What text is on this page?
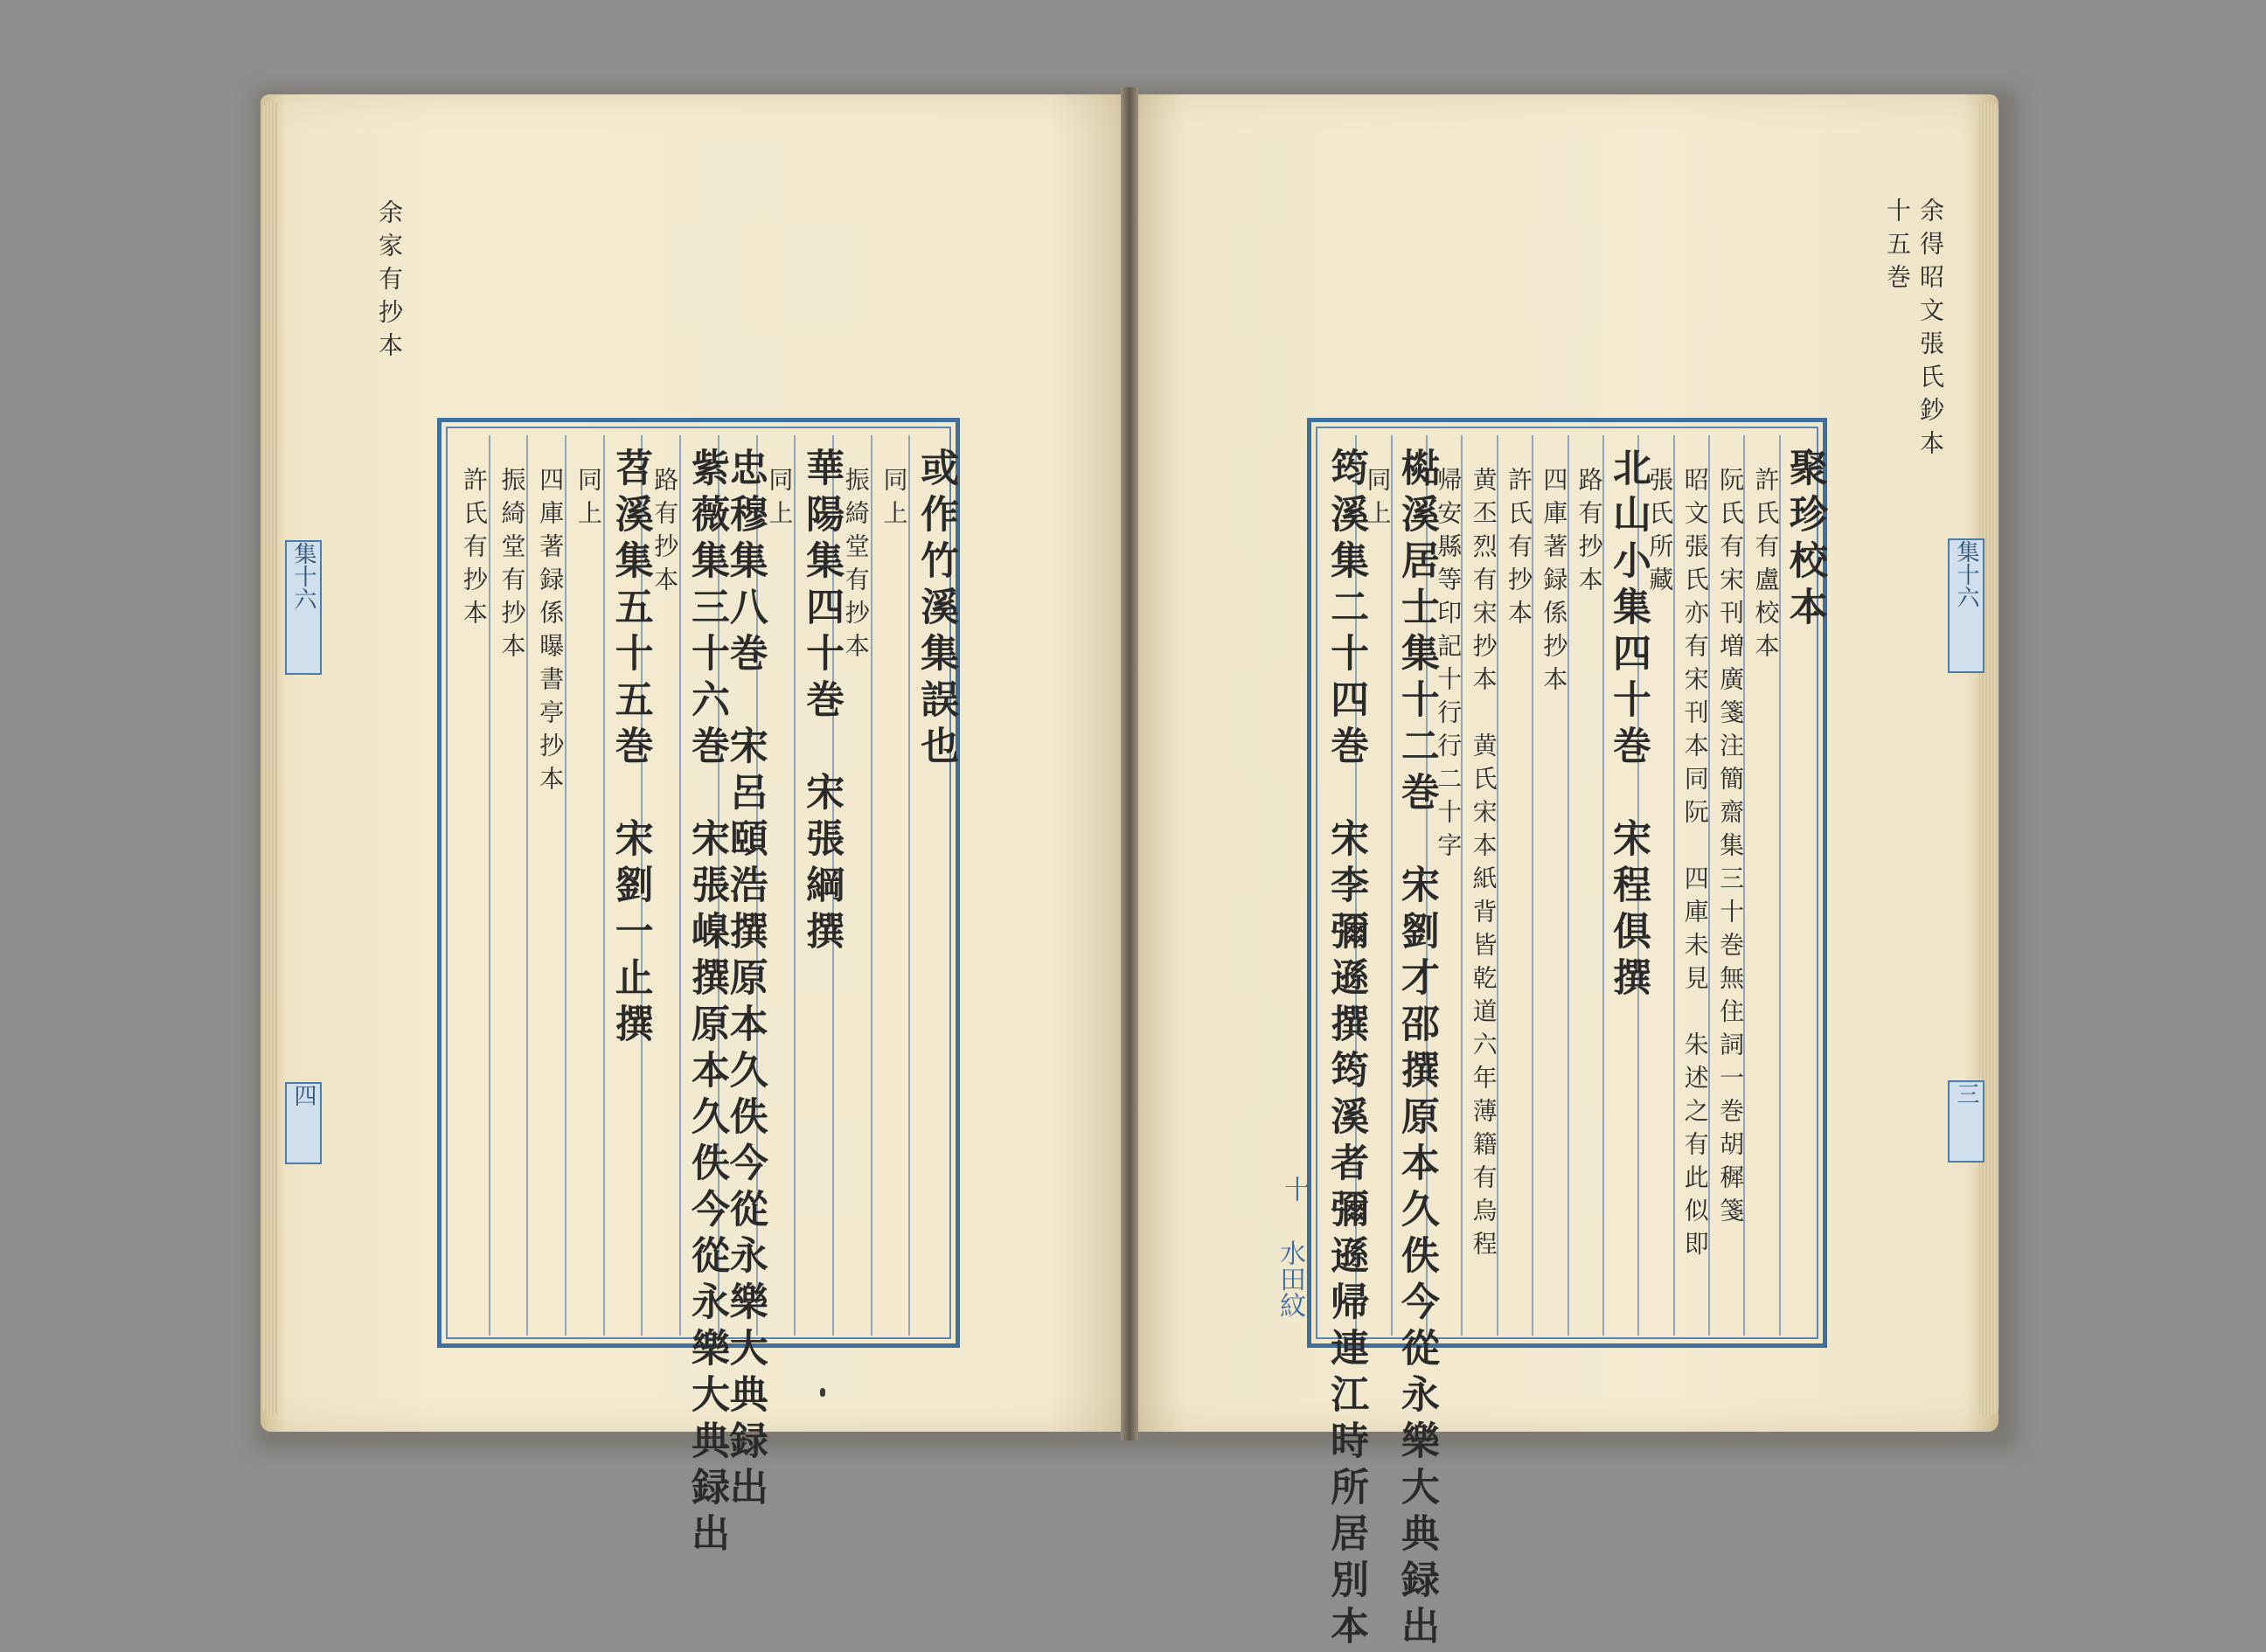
余家有抄本
集十六
四
或作竹溪集誤也
同上
振綺堂有抄本
華陽集四十巻　宋張綱撰
同上
忠穆集八巻　宋呂頤浩撰原本久佚今從永樂大典録出
紫薇集三十六巻　宋張嵲撰原本久佚今從永樂大典録出
路有抄本
苕溪集五十五巻　宋劉一止撰
同上
四庫著録係曝書亭抄本
振綺堂有抄本
許氏有抄本
余得昭文張氏鈔本
十五巻
集十六
三
聚珍校本
許氏有盧校本
阮氏有宋刊増廣箋注簡齋集三十巻無住詞一巻胡穉箋
昭文張氏亦有宋刊本同阮　四庫未見　朱述之有此似即
張氏所藏
北山小集四十巻　宋程俱撰
路有抄本
四庫著録係抄本
許氏有抄本
黄丕烈有宋抄本　黄氏宋本紙背皆乾道六年薄籍有烏程
帰安縣等印記十行行二十字
檆溪居士集十二巻　宋劉才邵撰原本久佚今從永樂大典録出
同上
筠溪集二十四巻　宋李彌遜撰筠溪者彌遜帰連江時所居別本
十
水田紋
